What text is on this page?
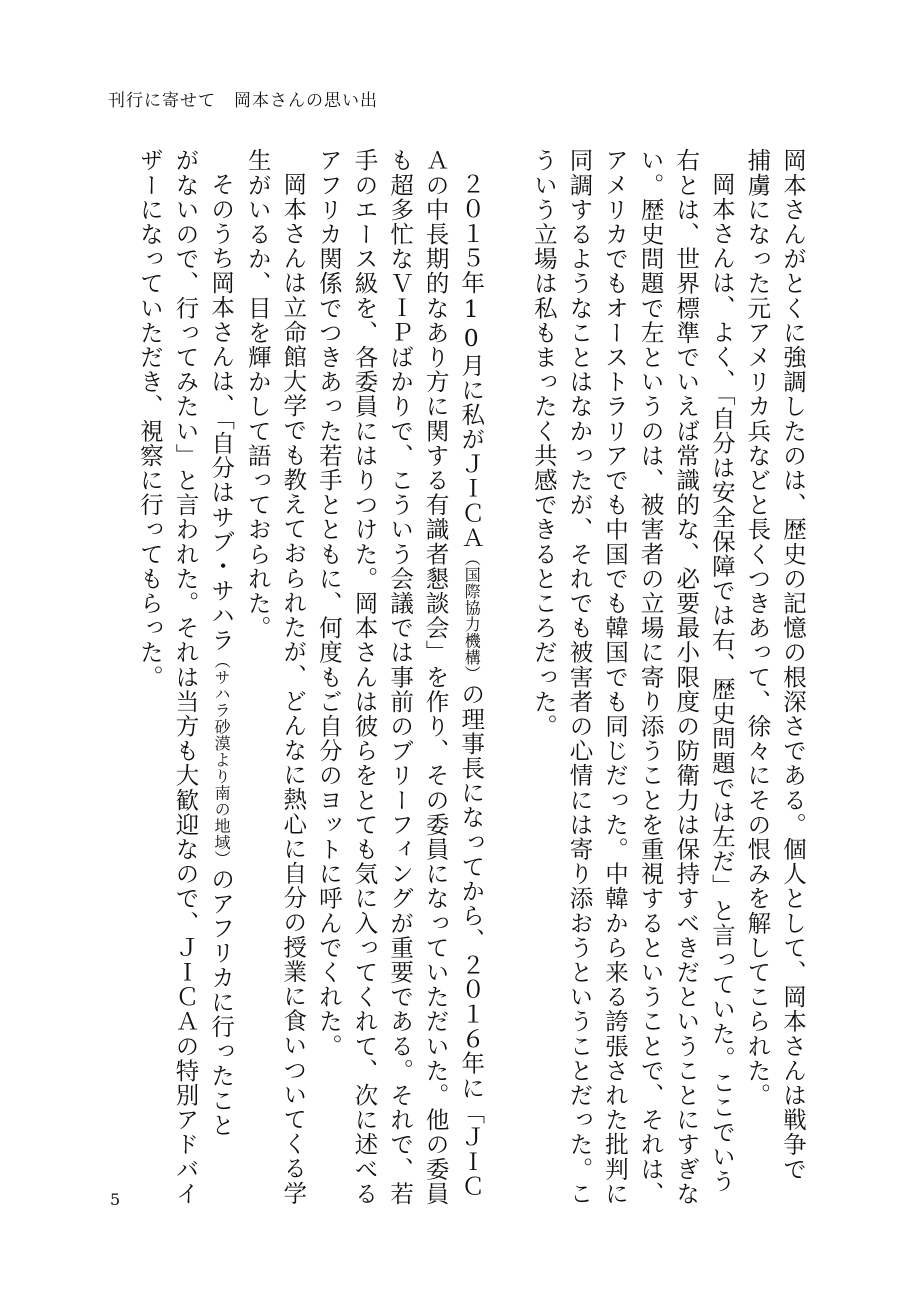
刊行に寄せて　岡本さんの思い出
岡本さんがとくに強調したのは、歴史の記憶の根深さである。個人として、岡本さんは戦争で
捕虜になった元アメリカ兵などと長くつきあって、徐々にその恨みを解してこられた。
岡本さんは、よく、「自分は安全保障では右、歴史問題では左だ」と言っていた。ここでいう
右とは、世界標準でいえば常識的な、必要最小限度の防衛力は保持すべきだということにすぎな
い。歴史問題で左というのは、被害者の立場に寄り添うことを重視するということで、それは、
アメリカでもオーストラリアでも中国でも韓国でも同じだった。中韓から来る誇張された批判に
同調するようなことはなかったが、それでも被害者の心情には寄り添おうということだった。こ
ういう立場は私もまったく共感できるところだった。
２０１５年10月に私がＪＩＣＡ（国際協力機構）の理事長になってから、２０１６年に「ＪＩＣ
Ａの中長期的なあり方に関する有識者懇談会」を作り、その委員になっていただいた。他の委員
も超多忙なＶＩＰばかりで、こういう会議では事前のブリーフィングが重要である。それで、若
手のエース級を、各委員にはりつけた。岡本さんは彼らをとても気に入ってくれて、次に述べる
アフリカ関係でつきあった若手とともに、何度もご自分のヨットに呼んでくれた。
岡本さんは立命館大学でも教えておられたが、どんなに熱心に自分の授業に食いついてくる学
生がいるか、目を輝かして語っておられた。
そのうち岡本さんは、「自分はサブ・サハラ（サハラ砂漠より南の地域）のアフリカに行ったこと
がないので、行ってみたい」と言われた。それは当方も大歓迎なので、ＪＩＣＡの特別アドバイ
ザーになっていただき、視察に行ってもらった。
5
